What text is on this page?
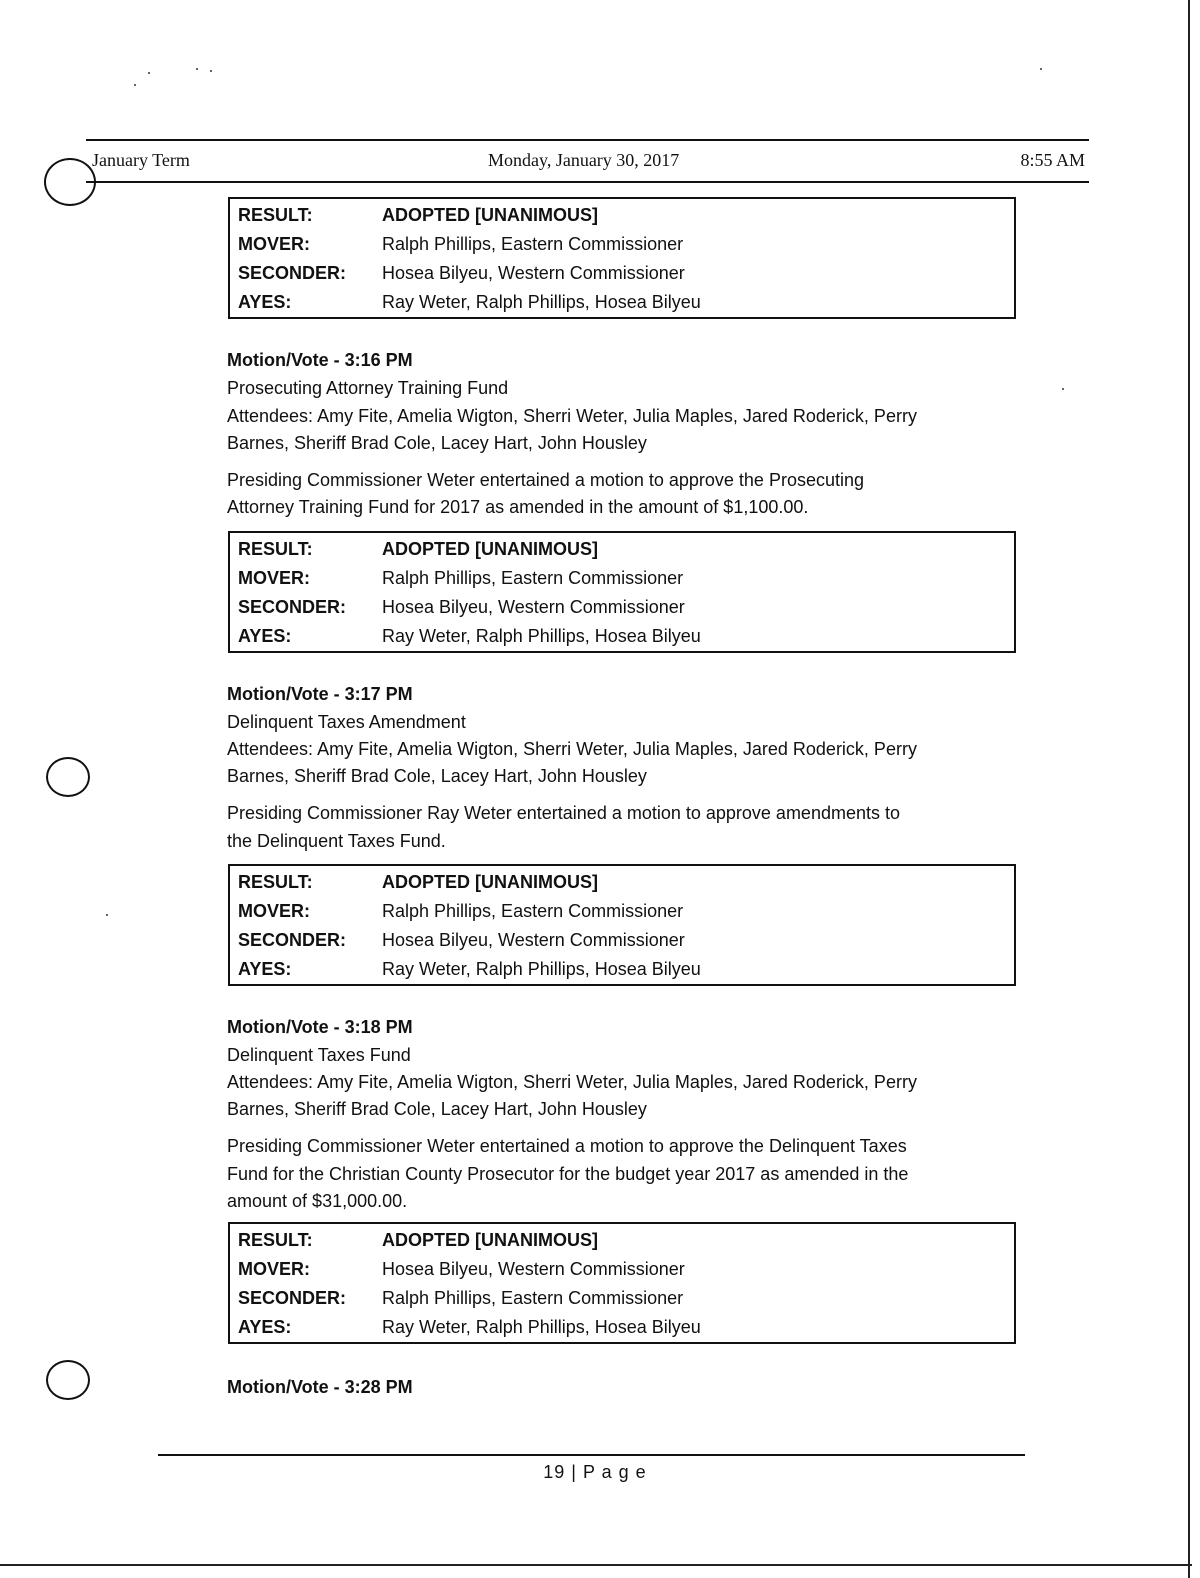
January Term	Monday, January 30, 2017	8:55 AM
RESULT:	ADOPTED [UNANIMOUS]
MOVER:	Ralph Phillips, Eastern Commissioner
SECONDER:	Hosea Bilyeu, Western Commissioner
AYES:	Ray Weter, Ralph Phillips, Hosea Bilyeu
Motion/Vote - 3:16 PM
Prosecuting Attorney Training Fund
Attendees: Amy Fite, Amelia Wigton, Sherri Weter, Julia Maples, Jared Roderick, Perry
Barnes, Sheriff Brad Cole, Lacey Hart, John Housley
Presiding Commissioner Weter entertained a motion to approve the Prosecuting
Attorney Training Fund for 2017 as amended in the amount of $1,100.00.
RESULT:	ADOPTED [UNANIMOUS]
MOVER:	Ralph Phillips, Eastern Commissioner
SECONDER:	Hosea Bilyeu, Western Commissioner
AYES:	Ray Weter, Ralph Phillips, Hosea Bilyeu
Motion/Vote - 3:17 PM
Delinquent Taxes Amendment
Attendees: Amy Fite, Amelia Wigton, Sherri Weter, Julia Maples, Jared Roderick, Perry
Barnes, Sheriff Brad Cole, Lacey Hart, John Housley
Presiding Commissioner Ray Weter entertained a motion to approve amendments to
the Delinquent Taxes Fund.
RESULT:	ADOPTED [UNANIMOUS]
MOVER:	Ralph Phillips, Eastern Commissioner
SECONDER:	Hosea Bilyeu, Western Commissioner
AYES:	Ray Weter, Ralph Phillips, Hosea Bilyeu
Motion/Vote - 3:18 PM
Delinquent Taxes Fund
Attendees: Amy Fite, Amelia Wigton, Sherri Weter, Julia Maples, Jared Roderick, Perry
Barnes, Sheriff Brad Cole, Lacey Hart, John Housley
Presiding Commissioner Weter entertained a motion to approve the Delinquent Taxes
Fund for the Christian County Prosecutor for the budget year 2017 as amended in the
amount of $31,000.00.
RESULT:	ADOPTED [UNANIMOUS]
MOVER:	Hosea Bilyeu, Western Commissioner
SECONDER:	Ralph Phillips, Eastern Commissioner
AYES:	Ray Weter, Ralph Phillips, Hosea Bilyeu
Motion/Vote - 3:28 PM
19 | P a g e
